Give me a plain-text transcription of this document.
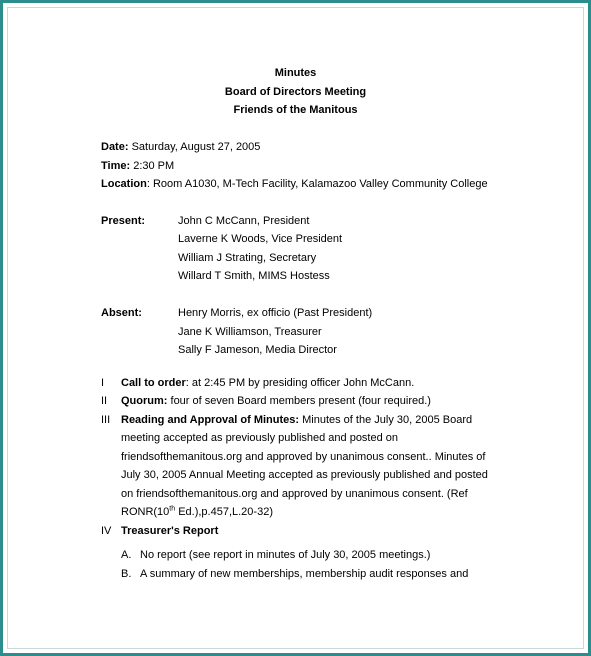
Minutes
Board of Directors Meeting
Friends of the Manitous
Date: Saturday, August 27, 2005
Time: 2:30 PM
Location: Room A1030, M-Tech Facility, Kalamazoo Valley Community College
Present:	John C McCann, President
Laverne K Woods, Vice President
William J Strating, Secretary
Willard T Smith, MIMS Hostess
Absent:	Henry Morris, ex officio (Past President)
Jane K Williamson, Treasurer
Sally F Jameson, Media Director
I Call to order: at 2:45 PM by presiding officer John McCann.
II Quorum: four of seven Board members present (four required.)
III Reading and Approval of Minutes: Minutes of the July 30, 2005 Board
meeting accepted as previously published and posted on
friendsofthemanitous.org and approved by unanimous consent.. Minutes of
July 30, 2005 Annual Meeting accepted as previously published and posted
on friendsofthemanitous.org and approved by unanimous consent. (Ref
RONR(10th Ed.),p.457,L.20-32)
IV Treasurer's Report
A. No report (see report in minutes of July 30, 2005 meetings.)
B. A summary of new memberships, membership audit responses and
